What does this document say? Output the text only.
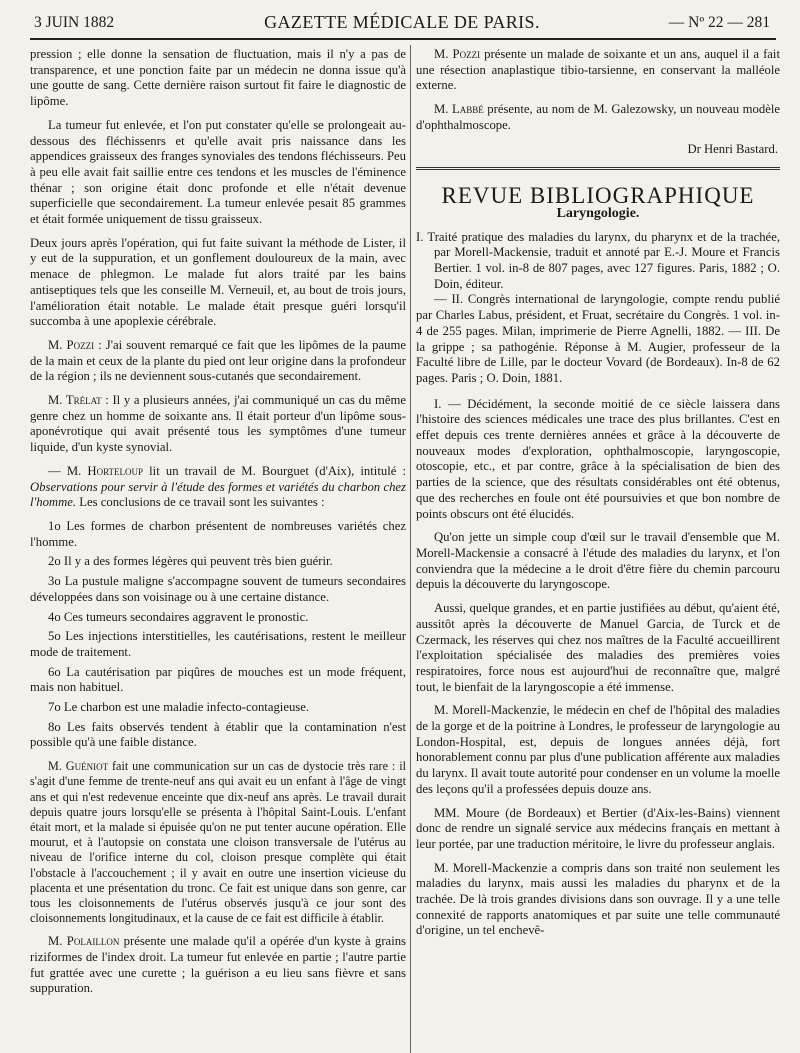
3 JUIN 1882	GAZETTE MÉDICALE DE PARIS.	— Nº 22 — 281

pression ; elle donne la sensation de fluctuation, mais il n'y a pas de transparence, et une ponction faite par un médecin ne donna issue qu'à une goutte de sang. Cette dernière raison surtout fit faire le diagnostic de lipôme.

La tumeur fut enlevée, et l'on put constater qu'elle se prolongeait au-dessous des fléchissenrs et qu'elle avait pris naissance dans les appendices graisseux des franges synoviales des tendons fléchisseurs. Peu à peu elle avait fait saillie entre ces tendons et les muscles de l'éminence thénar ; son origine était donc profonde et elle n'était devenue superficielle que secondairement. La tumeur enlevée pesait 85 grammes et était formée uniquement de tissu graisseux.

Deux jours après l'opération, qui fut faite suivant la méthode de Lister, il y eut de la suppuration, et un gonflement douloureux de la main, avec menace de phlegmon. Le malade fut alors traité par les bains antiseptiques tels que les conseille M. Verneuil, et, au bout de trois jours, l'amélioration était notable. Le malade était presque guéri lorsqu'il succomba à une apoplexie cérébrale.

M. Pozzi : J'ai souvent remarqué ce fait que les lipômes de la paume de la main et ceux de la plante du pied ont leur origine dans la profondeur de la région ; ils ne deviennent sous-cutanés que secondairement.

M. Trélat : Il y a plusieurs années, j'ai communiqué un cas du même genre chez un homme de soixante ans. Il était porteur d'un lipôme sous-aponévrotique qui avait présenté tous les symptômes d'une tumeur liquide, d'un kyste synovial.

— M. Horteloup lit un travail de M. Bourguet (d'Aix), intitulé : Observations pour servir à l'étude des formes et variétés du charbon chez l'homme. Les conclusions de ce travail sont les suivantes :

1o Les formes de charbon présentent de nombreuses variétés chez l'homme.

2o Il y a des formes légères qui peuvent très bien guérir.

3o La pustule maligne s'accompagne souvent de tumeurs secondaires développées dans son voisinage ou à une certaine distance.

4o Ces tumeurs secondaires aggravent le pronostic.

5o Les injections interstitielles, les cautérisations, restent le meilleur mode de traitement.

6o La cautérisation par piqûres de mouches est un mode fréquent, mais non habituel.

7o Le charbon est une maladie infecto-contagieuse.

8o Les faits observés tendent à établir que la contamination n'est possible qu'à une faible distance.

M. Guéniot fait une communication sur un cas de dystocie très rare : il s'agit d'une femme de trente-neuf ans qui avait eu un enfant à l'âge de vingt ans et qui n'est redevenue enceinte que dix-neuf ans après. Le travail durait depuis quatre jours lorsqu'elle se présenta à l'hôpital Saint-Louis. L'enfant était mort, et la malade si épuisée qu'on ne put tenter aucune opération. Elle mourut, et à l'autopsie on constata une cloison transversale de l'utérus au niveau de l'orifice interne du col, cloison presque complète qui était l'obstacle à l'accouchement ; il y avait en outre une insertion vicieuse du placenta et une présentation du tronc. Ce fait est unique dans son genre, car tous les cloisonnements de l'utérus observés jusqu'à ce jour sont des cloisonnements longitudinaux, et la cause de ce fait est difficile à établir.

M. Polaillon présente une malade qu'il a opérée d'un kyste à grains riziformes de l'index droit. La tumeur fut enlevée en partie ; l'autre partie fut grattée avec une curette ; la guérison a eu lieu sans fièvre et sans suppuration.

M. Pozzi présente un malade de soixante et un ans, auquel il a fait une résection anaplastique tibio-tarsienne, en conservant la malléole externe.

M. Labbé présente, au nom de M. Galezowsky, un nouveau modèle d'ophthalmoscope.

Dr Henri Bastard.
REVUE BIBLIOGRAPHIQUE
Laryngologie.

I. Traité pratique des maladies du larynx, du pharynx et de la trachée, par Morell-Mackensie, traduit et annoté par E.-J. Moure et Francis Bertier. 1 vol. in-8 de 807 pages, avec 127 figures. Paris, 1882 ; O. Doin, éditeur.

— II. Congrès international de laryngologie, compte rendu publié par Charles Labus, président, et Fruat, secrétaire du Congrès. 1 vol. in-4 de 255 pages. Milan, imprimerie de Pierre Agnelli, 1882. — III. De la grippe ; sa pathogénie. Réponse à M. Augier, professeur de la Faculté libre de Lille, par le docteur Vovard (de Bordeaux). In-8 de 62 pages. Paris ; O. Doin, 1881.

I. — Décidément, la seconde moitié de ce siècle laissera dans l'histoire des sciences médicales une trace des plus brillantes. C'est en effet depuis ces trente dernières années et grâce à la découverte de nouveaux modes d'exploration, ophthalmoscopie, laryngoscopie, otoscopie, etc., et par contre, grâce à la spécialisation de bien des parties de la science, que des résultats considérables ont été obtenus, que des recherches en foule ont été poursuivies et que bon nombre de points obscurs ont été élucidés.

Qu'on jette un simple coup d'œil sur le travail d'ensemble que M. Morell-Mackensie a consacré à l'étude des maladies du larynx, et l'on conviendra que la médecine a le droit d'être fière du chemin parcouru depuis la découverte du laryngoscope.

Aussi, quelque grandes, et en partie justifiées au début, qu'aient été, aussitôt après la découverte de Manuel Garcia, de Turck et de Czermack, les réserves qui chez nos maîtres de la Faculté accueillirent l'exploitation spécialisée des maladies des premières voies respiratoires, force nous est aujourd'hui de reconnaître que, malgré tout, le bienfait de la laryngoscopie a été immense.

M. Morell-Mackenzie, le médecin en chef de l'hôpital des maladies de la gorge et de la poitrine à Londres, le professeur de laryngologie au London-Hospital, est, depuis de longues années déjà, fort honorablement connu par plus d'une publication afférente aux maladies du larynx. Il avait toute autorité pour condenser en un volume la moelle des leçons qu'il a professées depuis douze ans.

MM. Moure (de Bordeaux) et Bertier (d'Aix-les-Bains) viennent donc de rendre un signalé service aux médecins français en mettant à leur portée, par une traduction méritoire, le livre du professeur anglais.

M. Morell-Mackenzie a compris dans son traité non seulement les maladies du larynx, mais aussi les maladies du pharynx et de la trachée. De là trois grandes divisions dans son ouvrage. Il y a une telle connexité de rapports anatomiques et par suite une telle communauté d'origine, un tel enchevê-
